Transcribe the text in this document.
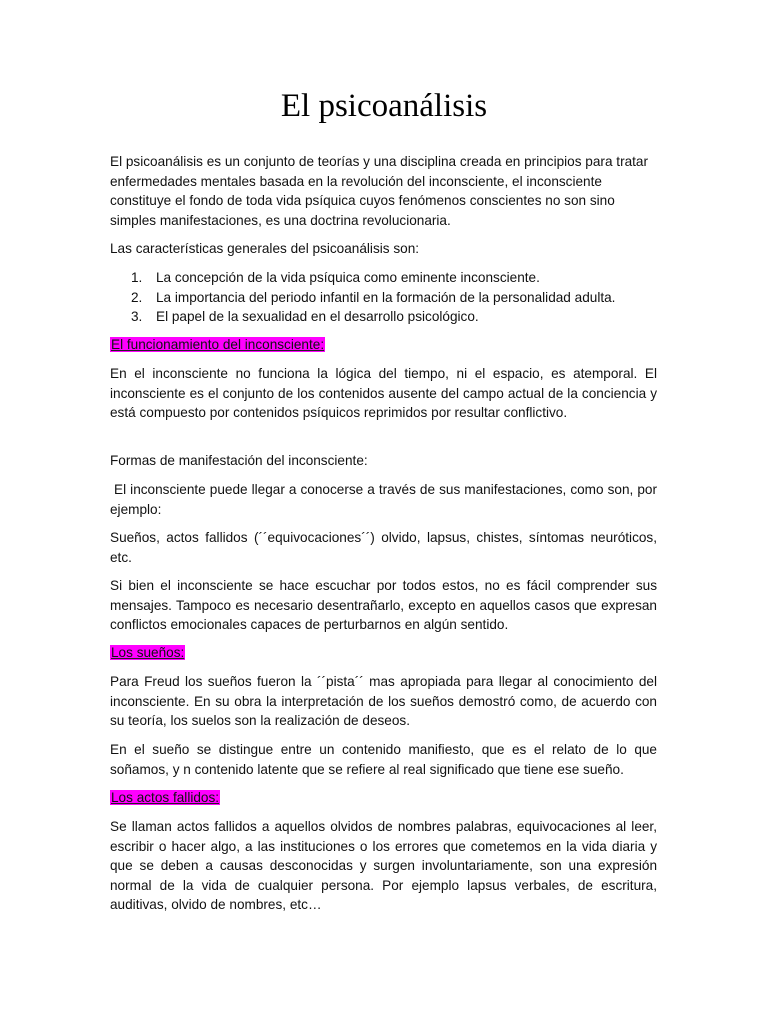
El psicoanálisis

El psicoanálisis es un conjunto de teorías y una disciplina creada en principios para tratar enfermedades mentales basada en la revolución del inconsciente, el inconsciente constituye el fondo de toda vida psíquica cuyos fenómenos conscientes no son sino simples manifestaciones, es una doctrina revolucionaria.

Las características generales del psicoanálisis son:

1. La concepción de la vida psíquica como eminente inconsciente.
2. La importancia del periodo infantil en la formación de la personalidad adulta.
3. El papel de la sexualidad en el desarrollo psicológico.

El funcionamiento del inconsciente:

En el inconsciente no funciona la lógica del tiempo, ni el espacio, es atemporal. El inconsciente es el conjunto de los contenidos ausente del campo actual de la conciencia y está compuesto por contenidos psíquicos reprimidos por resultar conflictivo.

Formas de manifestación del inconsciente:

El inconsciente puede llegar a conocerse a través de sus manifestaciones, como son, por ejemplo:

Sueños, actos fallidos (´´equivocaciones´´) olvido, lapsus, chistes, síntomas neuróticos, etc.

Si bien el inconsciente se hace escuchar por todos estos, no es fácil comprender sus mensajes. Tampoco es necesario desentrañarlo, excepto en aquellos casos que expresan conflictos emocionales capaces de perturbarnos en algún sentido.

Los sueños:

Para Freud los sueños fueron la ´´pista´´ mas apropiada para llegar al conocimiento del inconsciente. En su obra la interpretación de los sueños demostró como, de acuerdo con su teoría, los suelos son la realización de deseos.

En el sueño se distingue entre un contenido manifiesto, que es el relato de lo que soñamos, y n contenido latente que se refiere al real significado que tiene ese sueño.

Los actos fallidos:

Se llaman actos fallidos a aquellos olvidos de nombres palabras, equivocaciones al leer, escribir o hacer algo, a las instituciones o los errores que cometemos en la vida diaria y que se deben a causas desconocidas y surgen involuntariamente, son una expresión normal de la vida de cualquier persona. Por ejemplo lapsus verbales, de escritura, auditivas, olvido de nombres, etc…
